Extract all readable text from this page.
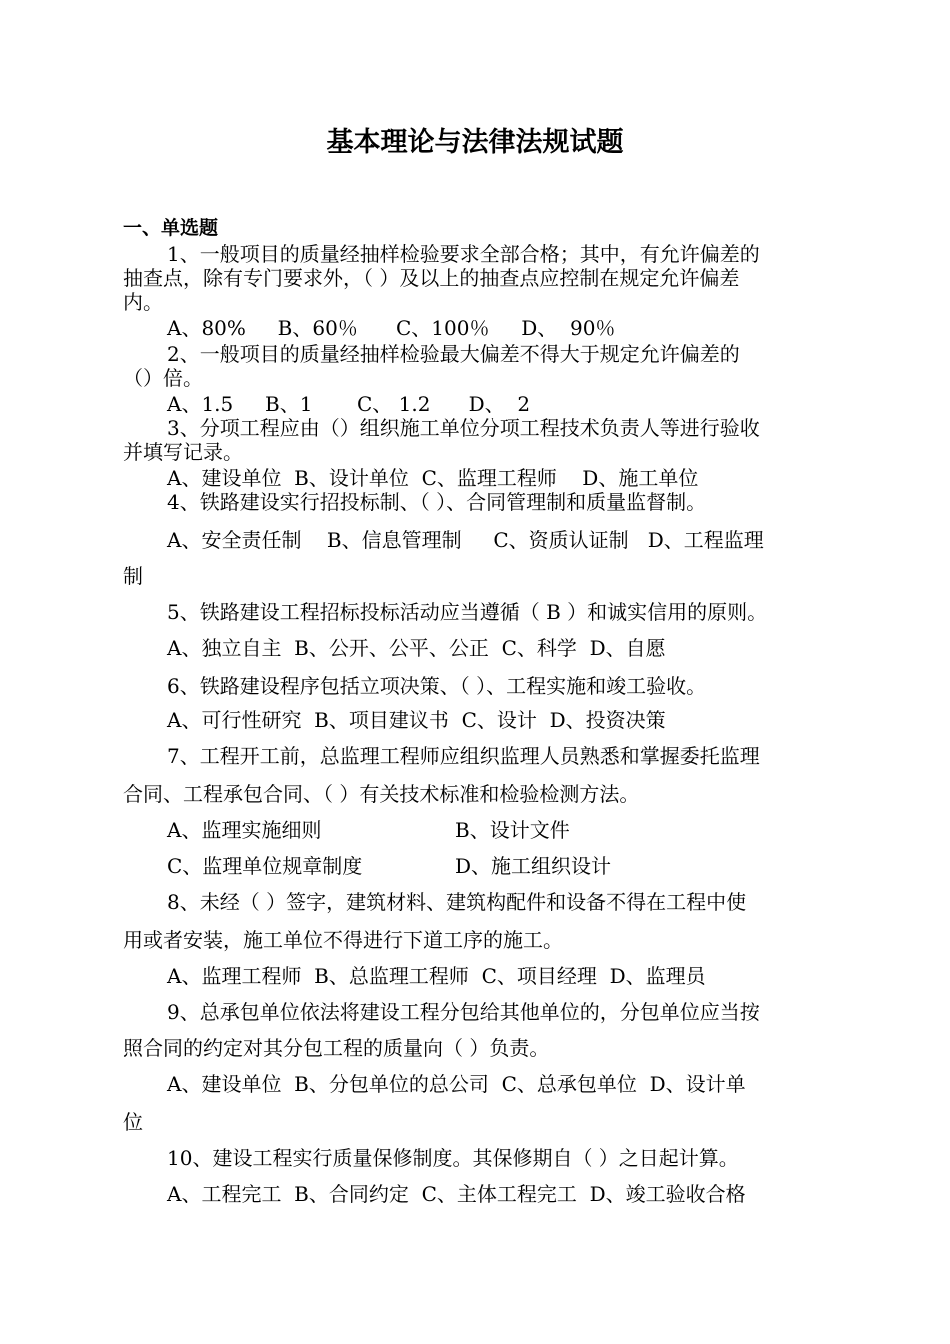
基本理论与法律法规试题
一、单选题
1、一般项目的质量经抽样检验要求全部合格；其中，有允许偏差的
抽查点，除有专门要求外，（ ）及以上的抽查点应控制在规定允许偏差
内。
A、80%     B、60％      C、100％     D、  90％
2、一般项目的质量经抽样检验最大偏差不得大于规定允许偏差的
（）倍。
A、1.5     B、1       C、 1.2      D、  2
3、分项工程应由（）组织施工单位分项工程技术负责人等进行验收
并填写记录。
A、建设单位  B、设计单位  C、监理工程师    D、施工单位
4、铁路建设实行招投标制、（ ）、合同管理制和质量监督制。
A、安全责任制    B、信息管理制     C、资质认证制   D、工程监理
制
5、铁路建设工程招标投标活动应当遵循（ B ）和诚实信用的原则。
A、独立自主  B、公开、公平、公正  C、科学  D、自愿
6、铁路建设程序包括立项决策、（ ）、工程实施和竣工验收。
A、可行性研究  B、项目建议书  C、设计  D、投资决策
7、工程开工前，总监理工程师应组织监理人员熟悉和掌握委托监理
合同、工程承包合同、（ ）有关技术标准和检验检测方法。
A、监理实施细则	B、设计文件
C、监理单位规章制度	D、施工组织设计
8、未经（ ）签字，建筑材料、建筑构配件和设备不得在工程中使
用或者安装，施工单位不得进行下道工序的施工。
A、监理工程师  B、总监理工程师  C、项目经理  D、监理员
9、总承包单位依法将建设工程分包给其他单位的，分包单位应当按
照合同的约定对其分包工程的质量向（ ）负责。
A、建设单位  B、分包单位的总公司  C、总承包单位  D、设计单
位
10、建设工程实行质量保修制度。其保修期自（ ）之日起计算。
A、工程完工  B、合同约定  C、主体工程完工  D、竣工验收合格
